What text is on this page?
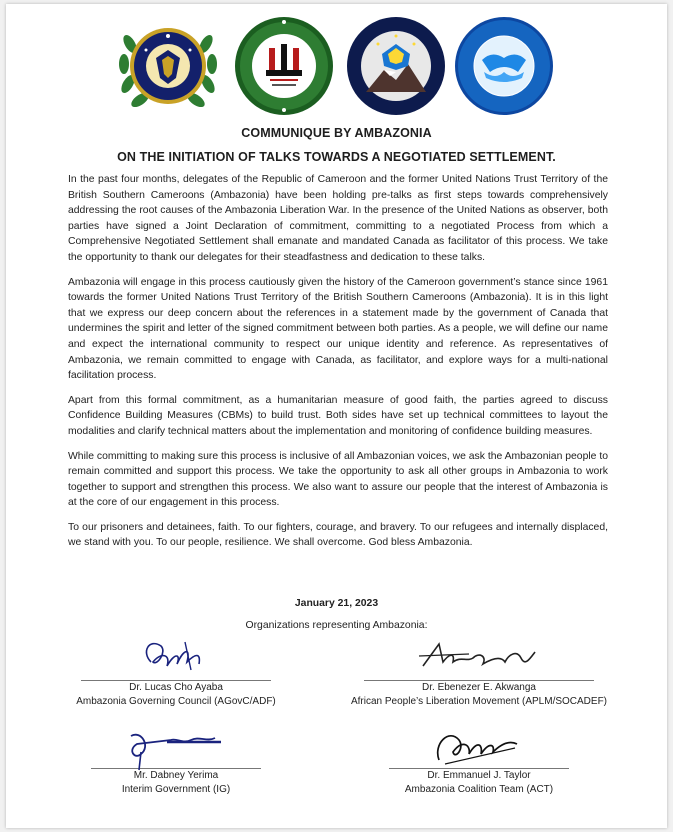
COMMUNIQUE BY AMBAZONIA
ON THE INITIATION OF TALKS TOWARDS A NEGOTIATED SETTLEMENT.

In the past four months, delegates of the Republic of Cameroon and the former United Nations Trust Territory of the British Southern Cameroons (Ambazonia) have been holding pre-talks as first steps towards comprehensively addressing the root causes of the Ambazonia Liberation War. In the presence of the United Nations as observer, both parties have signed a Joint Declaration of commitment, committing to a negotiated Process from which a Comprehensive Negotiated Settlement shall emanate and mandated Canada as facilitator of this process. We take the opportunity to thank our delegates for their steadfastness and dedication to these talks.

Ambazonia will engage in this process cautiously given the history of the Cameroon government’s stance since 1961 towards the former United Nations Trust Territory of the British Southern Cameroons (Ambazonia). It is in this light that we express our deep concern about the references in a statement made by the government of Canada that undermines the spirit and letter of the signed commitment between both parties. As a people, we will define our name and expect the international community to respect our unique identity and reference. As representatives of Ambazonia, we remain committed to engage with Canada, as facilitator, and explore ways for a multi-national facilitation process.

Apart from this formal commitment, as a humanitarian measure of good faith, the parties agreed to discuss Confidence Building Measures (CBMs) to build trust. Both sides have set up technical committees to layout the modalities and clarify technical matters about the implementation and monitoring of confidence building measures.

While committing to making sure this process is inclusive of all Ambazonian voices, we ask the Ambazonian people to remain committed and support this process. We take the opportunity to ask all other groups in Ambazonia to work together to support and strengthen this process. We also want to assure our people that the interest of Ambazonia is at the core of our engagement in this process.

To our prisoners and detainees, faith. To our fighters, courage, and bravery. To our refugees and internally displaced, we stand with you. To our people, resilience. We shall overcome. God bless Ambazonia.

January 21, 2023
Organizations representing Ambazonia:
Dr. Lucas Cho Ayaba
Ambazonia Governing Council (AGovC/ADF)
Dr. Ebenezer E. Akwanga
African People’s Liberation Movement (APLM/SOCADEF)
Mr. Dabney Yerima
Interim Government (IG)
Dr. Emmanuel J. Taylor
Ambazonia Coalition Team (ACT)
